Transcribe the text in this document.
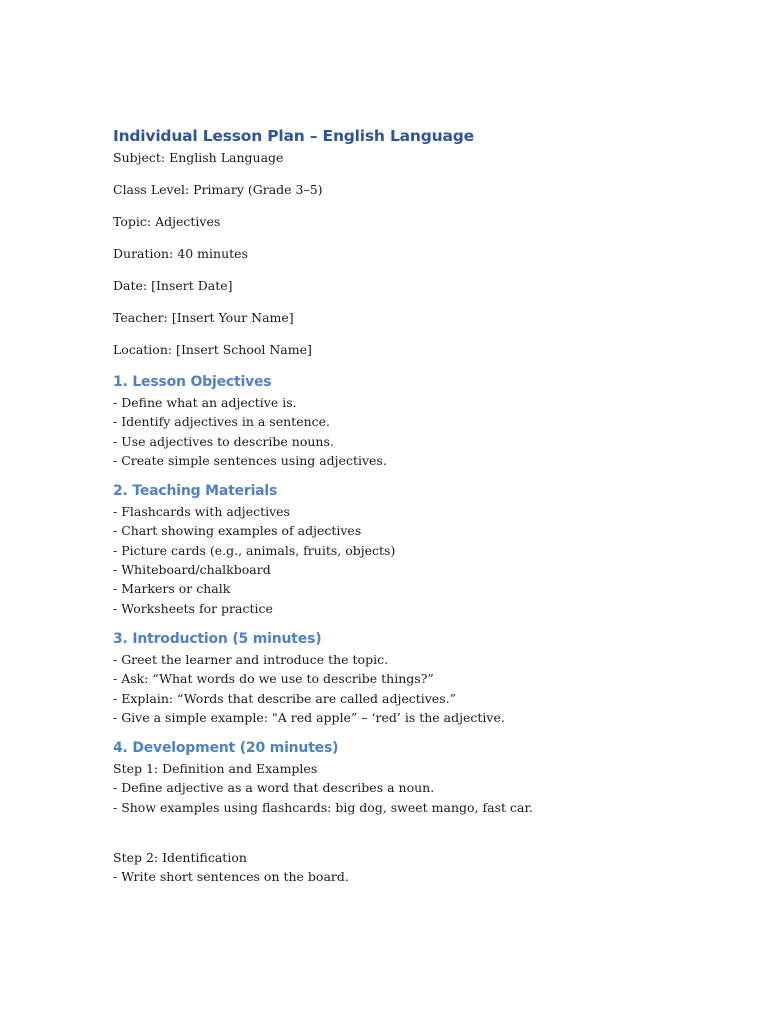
Individual Lesson Plan – English Language

Subject: English Language

Class Level: Primary (Grade 3–5)

Topic: Adjectives

Duration: 40 minutes

Date: [Insert Date]

Teacher: [Insert Your Name]

Location: [Insert School Name]

1. Lesson Objectives
- Define what an adjective is.
- Identify adjectives in a sentence.
- Use adjectives to describe nouns.
- Create simple sentences using adjectives.
2. Teaching Materials
- Flashcards with adjectives
- Chart showing examples of adjectives
- Picture cards (e.g., animals, fruits, objects)
- Whiteboard/chalkboard
- Markers or chalk
- Worksheets for practice
3. Introduction (5 minutes)
- Greet the learner and introduce the topic.
- Ask: “What words do we use to describe things?”
- Explain: “Words that describe are called adjectives.”
- Give a simple example: "A red apple” – ‘red’ is the adjective.
4. Development (20 minutes)
Step 1: Definition and Examples
- Define adjective as a word that describes a noun.
- Show examples using flashcards: big dog, sweet mango, fast car.
Step 2: Identification
- Write short sentences on the board.
